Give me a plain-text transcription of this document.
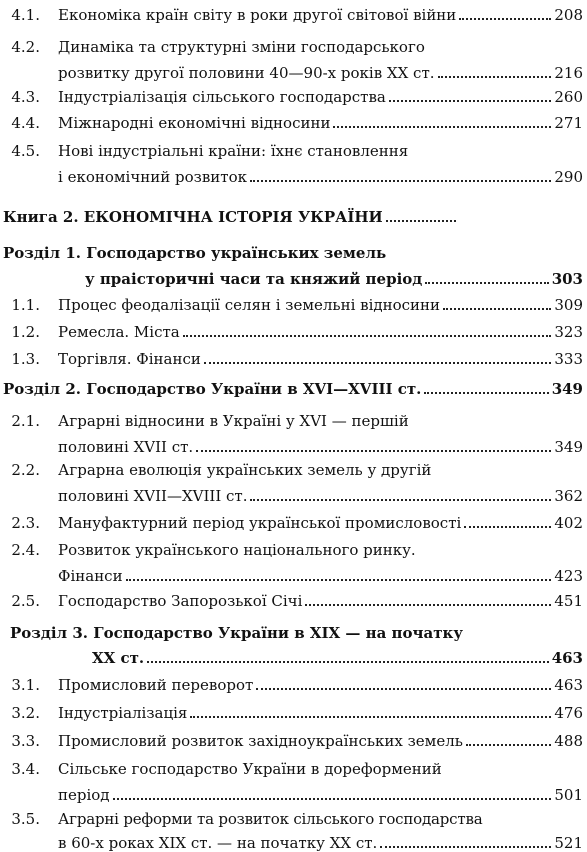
4.1. Економіка країн світу в роки другої світової війни	208
4.2. Динаміка та структурні зміни господарського
розвитку другої половини 40—90-х років XX ст.	216
4.3. Індустріалізація сільського господарства	260
4.4. Міжнародні економічні відносини	271
4.5. Нові індустріальні країни: їхнє становлення
і економічний розвиток	290
Книга 2. ЕКОНОМІЧНА ІСТОРІЯ УКРАЇНИ
Розділ 1. Господарство українських земель
у праісторичні часи та княжий період	303
1.1. Процес феодалізації селян і земельні відносини	309
1.2. Ремесла. Міста	323
1.3. Торгівля. Фінанси	333
Розділ 2. Господарство України в XVI—XVIII ст.	349
2.1. Аграрні відносини в Україні у XVI — першій
половині XVII ст.	349
2.2. Аграрна еволюція українських земель у другій
половині XVII—XVIII ст.	362
2.3. Мануфактурний період української промисловості	402
2.4. Розвиток українського національного ринку.
Фінанси	423
2.5. Господарство Запорозької Січі	451
Розділ 3. Господарство України в XIX — на початку
XX ст.	463
3.1. Промисловий переворот	463
3.2. Індустріалізація	476
3.3. Промисловий розвиток західноукраїнських земель	488
3.4. Сільське господарство України в дореформений
період	501
3.5. Аграрні реформи та розвиток сільського господарства
в 60-х роках XIX ст. — на початку XX ст.	521
